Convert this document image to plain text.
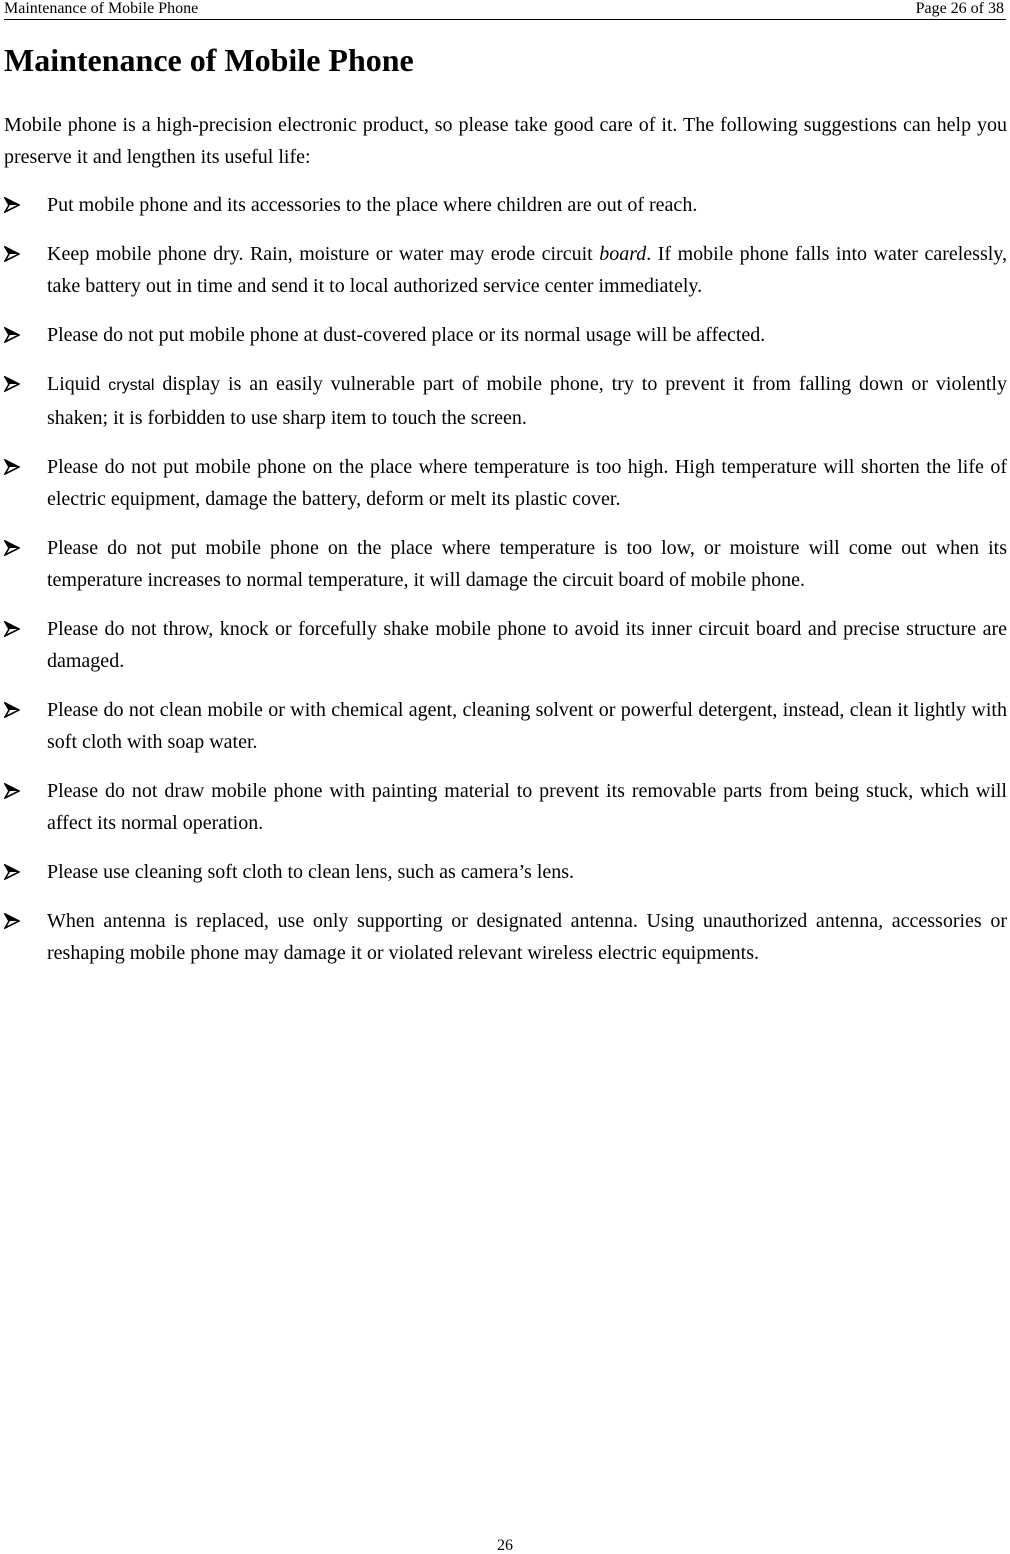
Maintenance of Mobile Phone	Page 26 of 38
Maintenance of Mobile Phone

Mobile phone is a high-precision electronic product, so please take good care of it. The following suggestions can help you preserve it and lengthen its useful life:

Put mobile phone and its accessories to the place where children are out of reach.
Keep mobile phone dry. Rain, moisture or water may erode circuit board. If mobile phone falls into water carelessly, take battery out in time and send it to local authorized service center immediately.
Please do not put mobile phone at dust-covered place or its normal usage will be affected.
Liquid crystal display is an easily vulnerable part of mobile phone, try to prevent it from falling down or violently shaken; it is forbidden to use sharp item to touch the screen.
Please do not put mobile phone on the place where temperature is too high. High temperature will shorten the life of electric equipment, damage the battery, deform or melt its plastic cover.
Please do not put mobile phone on the place where temperature is too low, or moisture will come out when its temperature increases to normal temperature, it will damage the circuit board of mobile phone.
Please do not throw, knock or forcefully shake mobile phone to avoid its inner circuit board and precise structure are damaged.
Please do not clean mobile or with chemical agent, cleaning solvent or powerful detergent, instead, clean it lightly with soft cloth with soap water.
Please do not draw mobile phone with painting material to prevent its removable parts from being stuck, which will affect its normal operation.
Please use cleaning soft cloth to clean lens, such as camera’s lens.
When antenna is replaced, use only supporting or designated antenna. Using unauthorized antenna, accessories or reshaping mobile phone may damage it or violated relevant wireless electric equipments.
26
